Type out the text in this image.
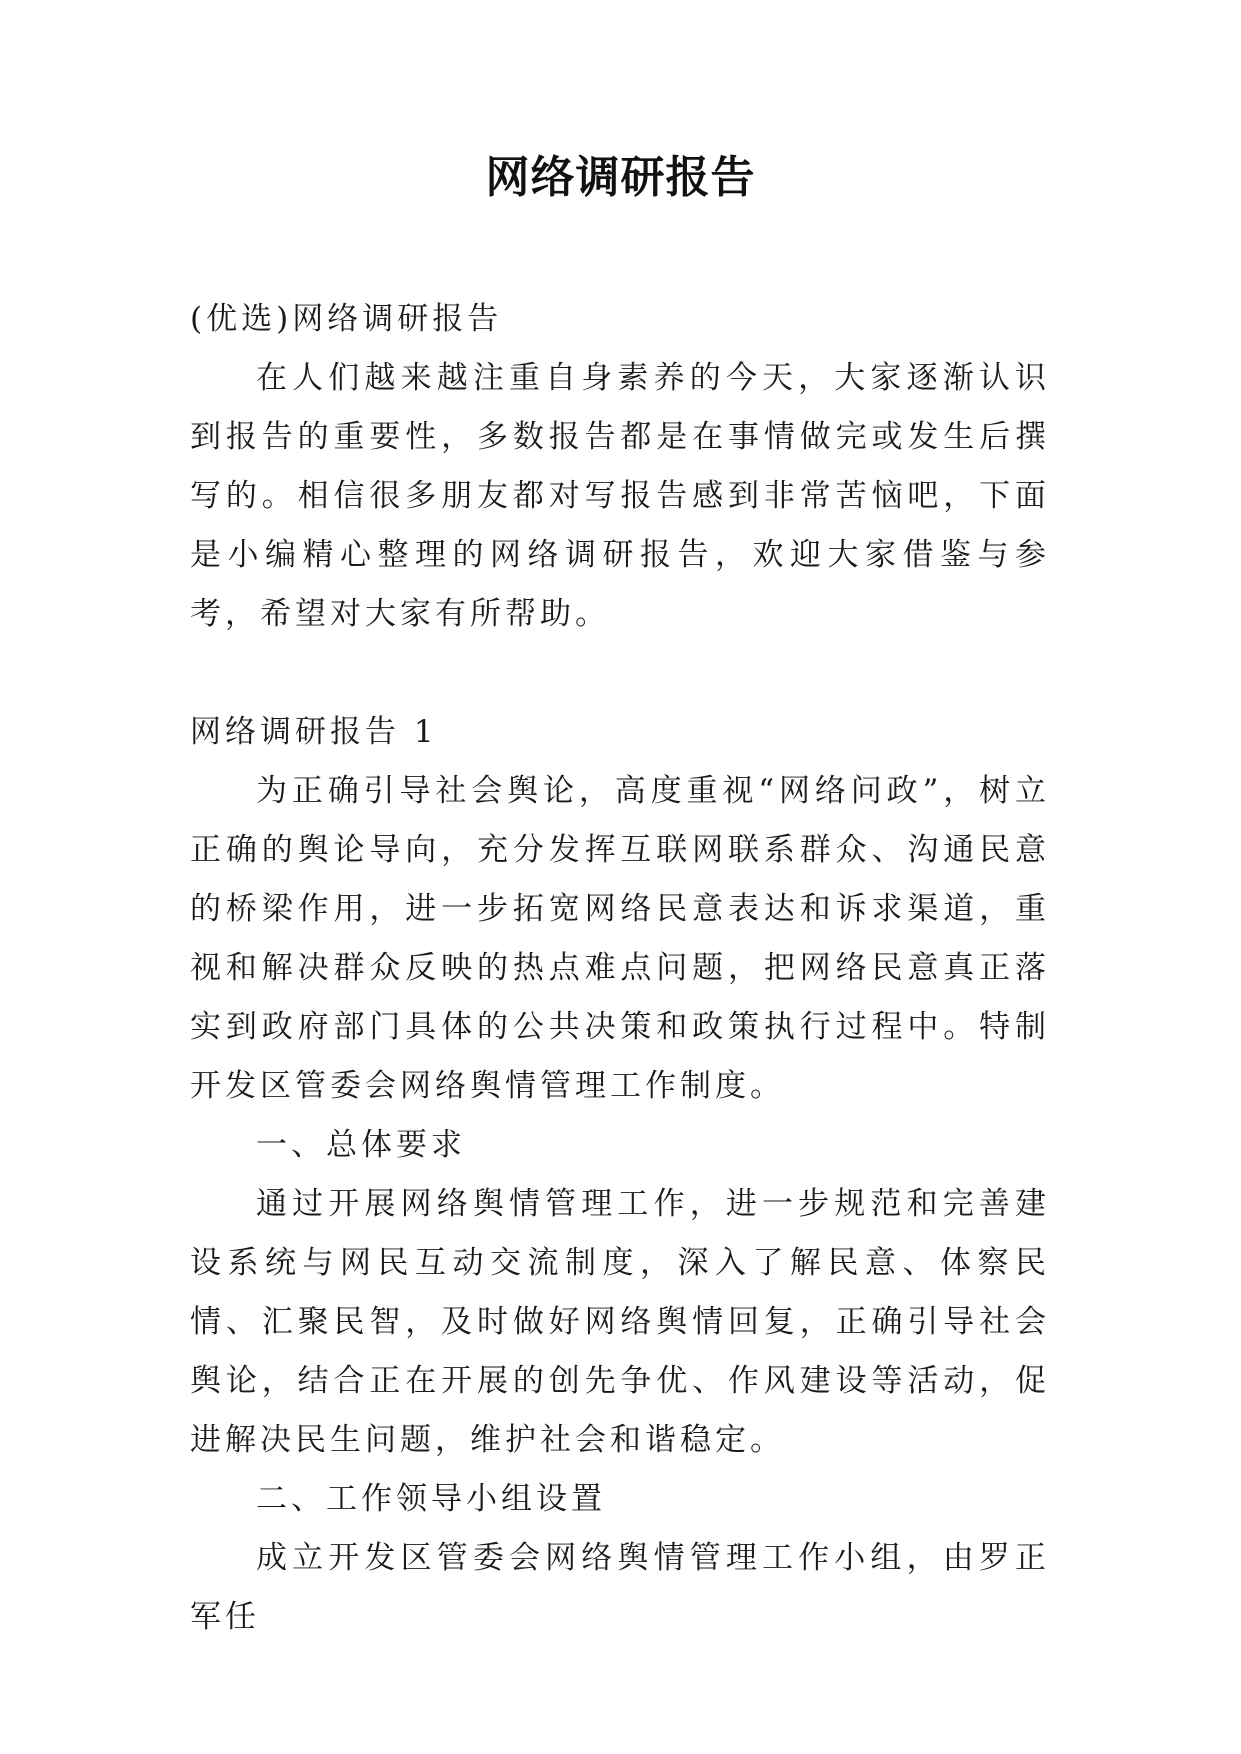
网络调研报告

(优选)网络调研报告

在人们越来越注重自身素养的今天，大家逐渐认识到报告的重要性，多数报告都是在事情做完或发生后撰写的。相信很多朋友都对写报告感到非常苦恼吧，下面是小编精心整理的网络调研报告，欢迎大家借鉴与参考，希望对大家有所帮助。

网络调研报告 1

为正确引导社会舆论，高度重视“网络问政”，树立正确的舆论导向，充分发挥互联网联系群众、沟通民意的桥梁作用，进一步拓宽网络民意表达和诉求渠道，重视和解决群众反映的热点难点问题，把网络民意真正落实到政府部门具体的公共决策和政策执行过程中。特制开发区管委会网络舆情管理工作制度。

一、总体要求

通过开展网络舆情管理工作，进一步规范和完善建设系统与网民互动交流制度，深入了解民意、体察民情、汇聚民智，及时做好网络舆情回复，正确引导社会舆论，结合正在开展的创先争优、作风建设等活动，促进解决民生问题，维护社会和谐稳定。

二、工作领导小组设置

成立开发区管委会网络舆情管理工作小组，由罗正军任
